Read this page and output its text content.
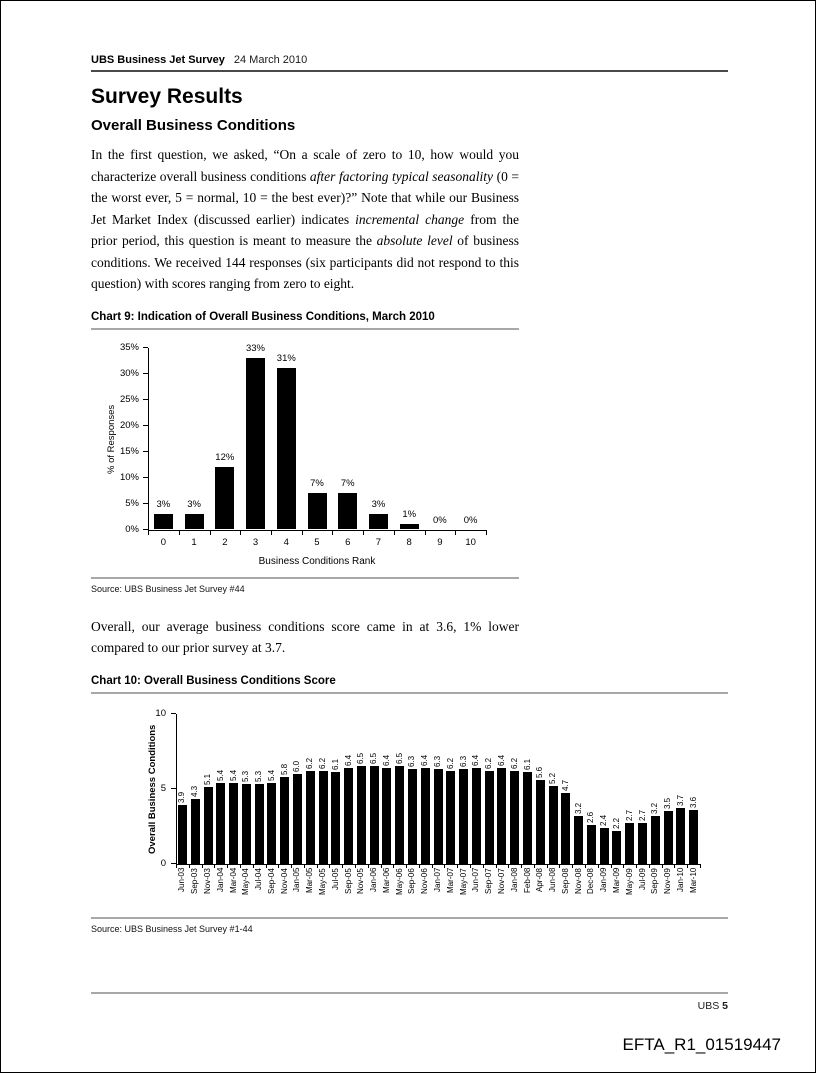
UBS Business Jet Survey 24 March 2010
Survey Results
Overall Business Conditions

In the first question, we asked, “On a scale of zero to 10, how would you characterize overall business conditions after factoring typical seasonality (0 = the worst ever, 5 = normal, 10 = the best ever)?” Note that while our Business Jet Market Index (discussed earlier) indicates incremental change from the prior period, this question is meant to measure the absolute level of business conditions. We received 144 responses (six participants did not respond to this question) with scores ranging from zero to eight.

Chart 9: Indication of Overall Business Conditions, March 2010
0%
5%
10%
15%
20%
25%
30%
35%
3%
0
3%
1
12%
2
33%
3
31%
4
7%
5
7%
6
3%
7
1%
8
0%
9
0%
10
% of Responses
Business Conditions Rank
Source: UBS Business Jet Survey #44

Overall, our average business conditions score came in at 3.6, 1% lower compared to our prior survey at 3.7.

Chart 10: Overall Business Conditions Score
0
5
10
3.9
Jun-03
4.3
Sep-03
5.1
Nov-03
5.4
Jan-04
5.4
Mar-04
5.3
May-04
5.3
Jul-04
5.4
Sep-04
5.8
Nov-04
6.0
Jan-05
6.2
Mar-05
6.2
May-05
6.1
Jul-05
6.4
Sep-05
6.5
Nov-05
6.5
Jan-06
6.4
Mar-06
6.5
May-06
6.3
Sep-06
6.4
Nov-06
6.3
Jan-07
6.2
Mar-07
6.3
May-07
6.4
Jun-07
6.2
Sep-07
6.4
Nov-07
6.2
Jan-08
6.1
Feb-08
5.6
Apr-08
5.2
Jun-08
4.7
Sep-08
3.2
Nov-08
2.6
Dec-08
2.4
Jan-09
2.2
Mar-09
2.7
May-09
2.7
Jul-09
3.2
Sep-09
3.5
Nov-09
3.7
Jan-10
3.6
Mar-10
Overall Business Conditions
Source: UBS Business Jet Survey #1-44
UBS 5
EFTA_R1_01519447
